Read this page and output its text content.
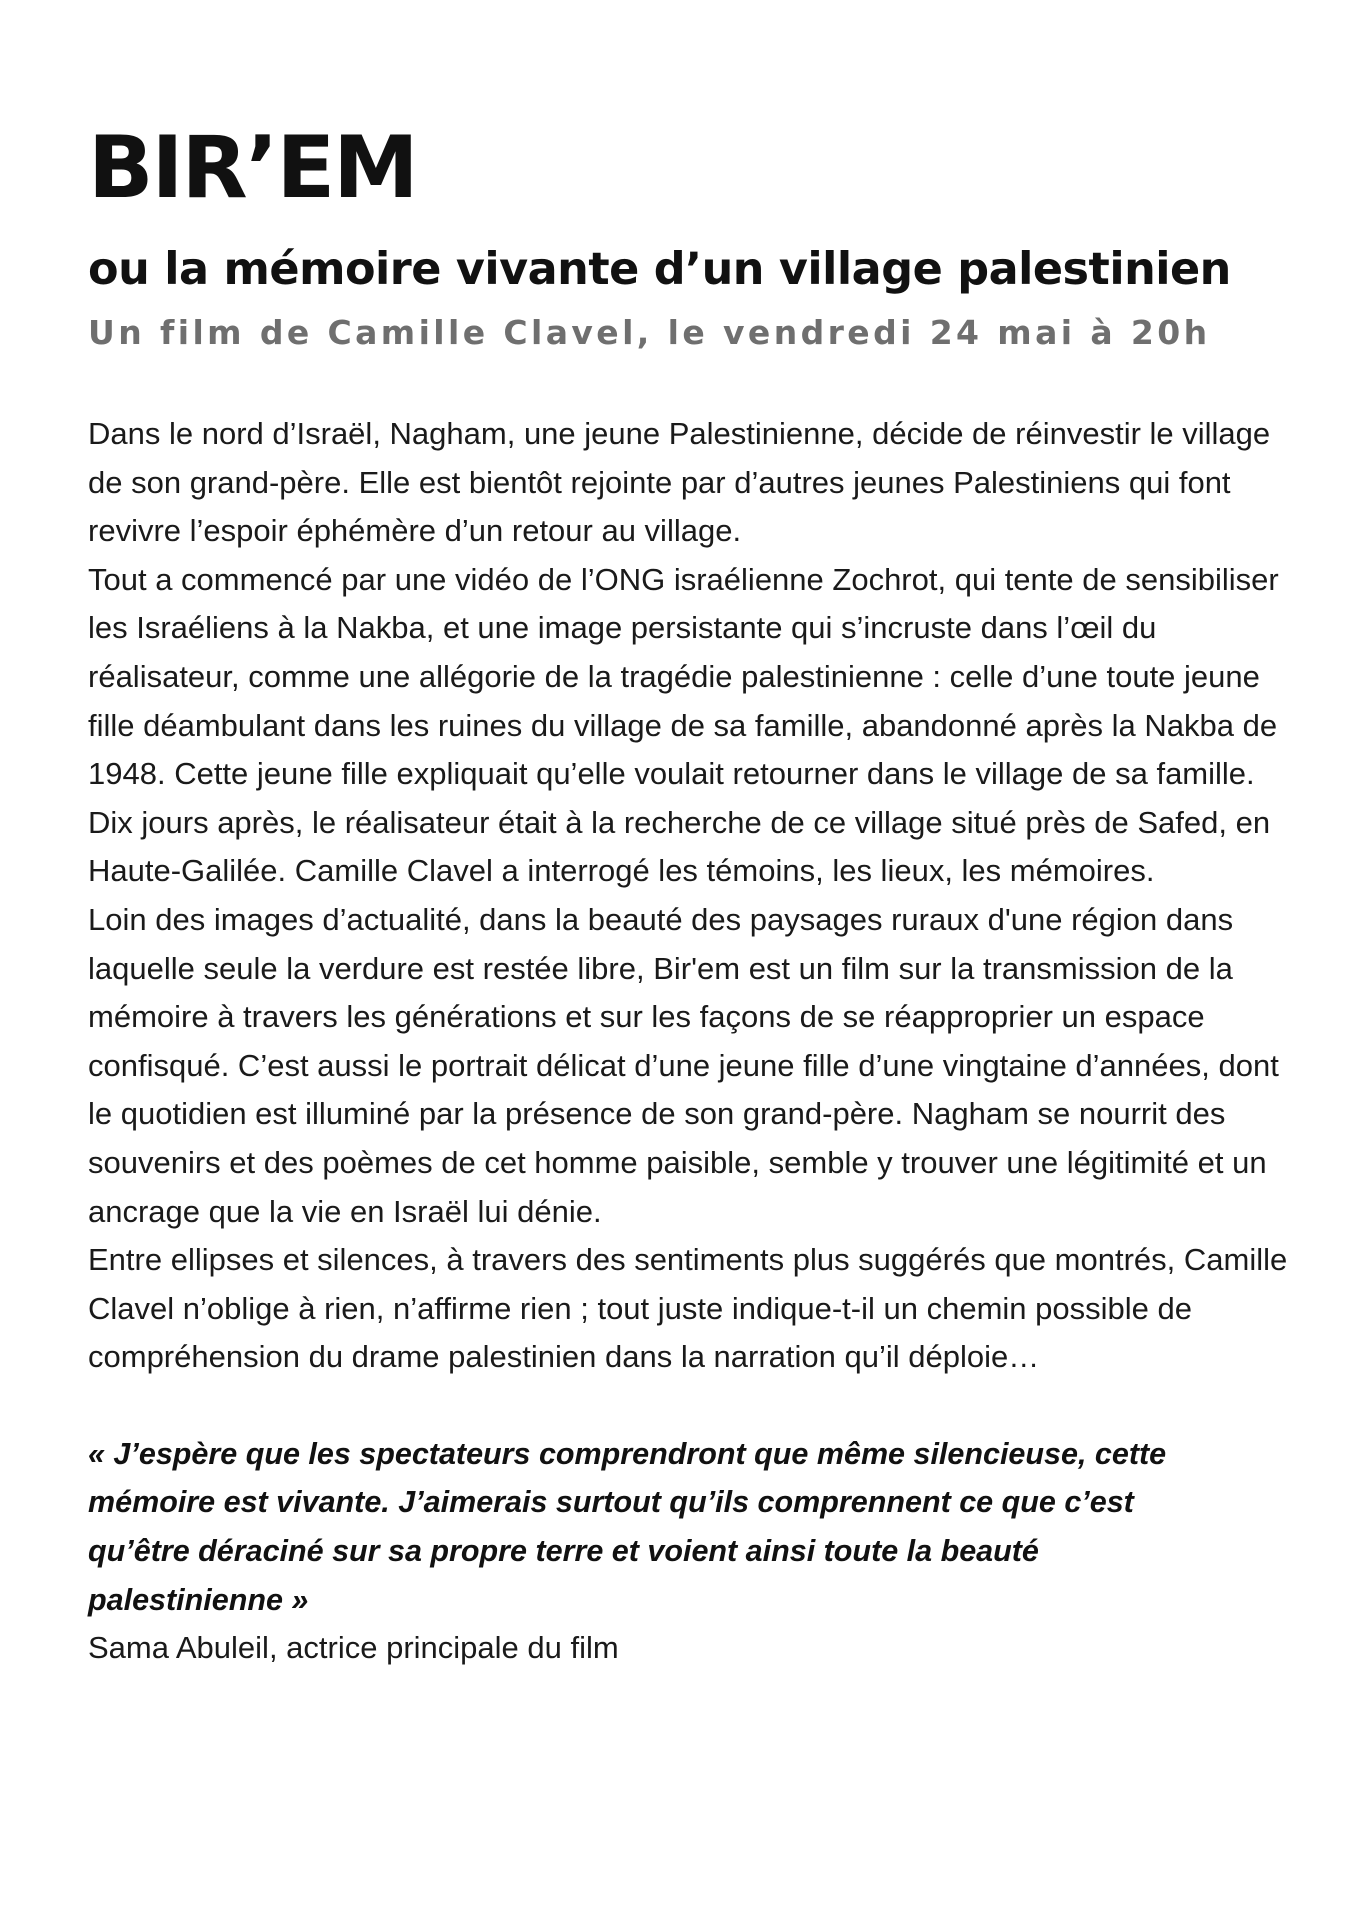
BIR’EM
ou la mémoire vivante d’un village palestinien
Un film de Camille Clavel, le vendredi 24 mai à 20h

Dans le nord d’Israël, Nagham, une jeune Palestinienne, décide de réinvestir le village de son grand-père. Elle est bientôt rejointe par d’autres jeunes Palestiniens qui font revivre l’espoir éphémère d’un retour au village.

Tout a commencé par une vidéo de l’ONG israélienne Zochrot, qui tente de sensibiliser les Israéliens à la Nakba, et une image persistante qui s’incruste dans l’œil du réalisateur, comme une allégorie de la tragédie palestinienne : celle d’une toute jeune fille déambulant dans les ruines du village de sa famille, abandonné après la Nakba de 1948. Cette jeune fille expliquait qu’elle voulait retourner dans le village de sa famille. Dix jours après, le réalisateur était à la recherche de ce village situé près de Safed, en Haute-Galilée. Camille Clavel a interrogé les témoins, les lieux, les mémoires.

Loin des images d’actualité, dans la beauté des paysages ruraux d'une région dans laquelle seule la verdure est restée libre, Bir'em est un film sur la transmission de la mémoire à travers les générations et sur les façons de se réapproprier un espace confisqué. C’est aussi le portrait délicat d’une jeune fille d’une vingtaine d’années, dont le quotidien est illuminé par la présence de son grand-père. Nagham se nourrit des souvenirs et des poèmes de cet homme paisible, semble y trouver une légitimité et un ancrage que la vie en Israël lui dénie.

Entre ellipses et silences, à travers des sentiments plus suggérés que montrés, Camille Clavel n’oblige à rien, n’affirme rien ; tout juste indique-t-il un chemin possible de compréhension du drame palestinien dans la narration qu’il déploie…

« J’espère que les spectateurs comprendront que même silencieuse, cette mémoire est vivante. J’aimerais surtout qu’ils comprennent ce que c’est qu’être déraciné sur sa propre terre et voient ainsi toute la beauté palestinienne »
Sama Abuleil, actrice principale du film
